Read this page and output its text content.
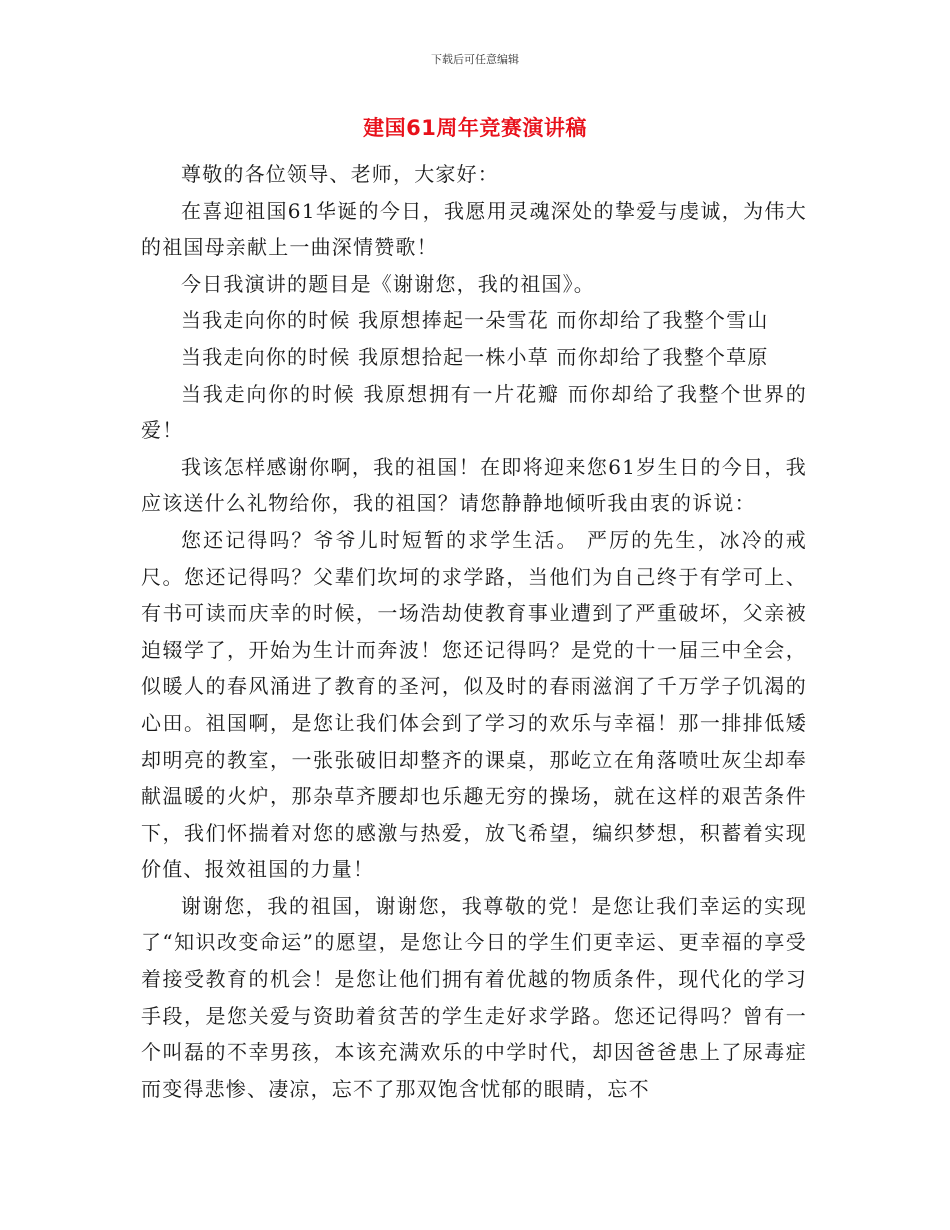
下载后可任意编辑
建国61周年竞赛演讲稿

尊敬的各位领导、老师，大家好：

在喜迎祖国61华诞的今日，我愿用灵魂深处的挚爱与虔诚，为伟大的祖国母亲献上一曲深情赞歌！

今日我演讲的题目是《谢谢您，我的祖国》。

当我走向你的时候 我原想捧起一朵雪花 而你却给了我整个雪山

当我走向你的时候 我原想拾起一株小草 而你却给了我整个草原

当我走向你的时候 我原想拥有一片花瓣 而你却给了我整个世界的爱！

我该怎样感谢你啊，我的祖国！在即将迎来您61岁生日的今日，我应该送什么礼物给你，我的祖国？请您静静地倾听我由衷的诉说：

您还记得吗？爷爷儿时短暂的求学生活。 严厉的先生，冰冷的戒尺。您还记得吗？父辈们坎坷的求学路，当他们为自己终于有学可上、有书可读而庆幸的时候，一场浩劫使教育事业遭到了严重破坏，父亲被迫辍学了，开始为生计而奔波！您还记得吗？是党的十一届三中全会，似暖人的春风涌进了教育的圣河，似及时的春雨滋润了千万学子饥渴的心田。祖国啊，是您让我们体会到了学习的欢乐与幸福！那一排排低矮却明亮的教室，一张张破旧却整齐的课桌，那屹立在角落喷吐灰尘却奉献温暖的火炉，那杂草齐腰却也乐趣无穷的操场，就在这样的艰苦条件下，我们怀揣着对您的感激与热爱，放飞希望，编织梦想，积蓄着实现价值、报效祖国的力量！

谢谢您，我的祖国，谢谢您，我尊敬的党！是您让我们幸运的实现了“知识改变命运”的愿望，是您让今日的学生们更幸运、更幸福的享受着接受教育的机会！是您让他们拥有着优越的物质条件，现代化的学习手段，是您关爱与资助着贫苦的学生走好求学路。您还记得吗？曾有一个叫磊的不幸男孩，本该充满欢乐的中学时代，却因爸爸患上了尿毒症而变得悲惨、凄凉，忘不了那双饱含忧郁的眼睛，忘不
